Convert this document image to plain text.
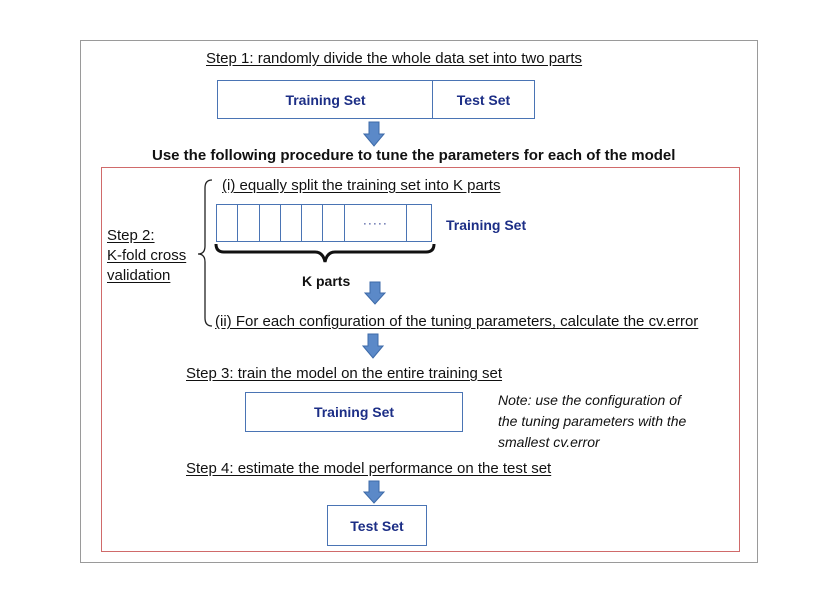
Step 1: randomly divide the whole data set into two parts
Training Set	Test Set
Use the following procedure to tune the parameters for each of the model
Step 2:
K-fold cross
validation
(i) equally split the training set into K parts
·····	Training Set
K parts
(ii) For each configuration of the tuning parameters, calculate the cv.error
Step 3: train the model on the entire training set
Training Set
Note: use the configuration of
the tuning parameters with the
smallest cv.error
Step 4: estimate the model performance on the test set
Test Set
